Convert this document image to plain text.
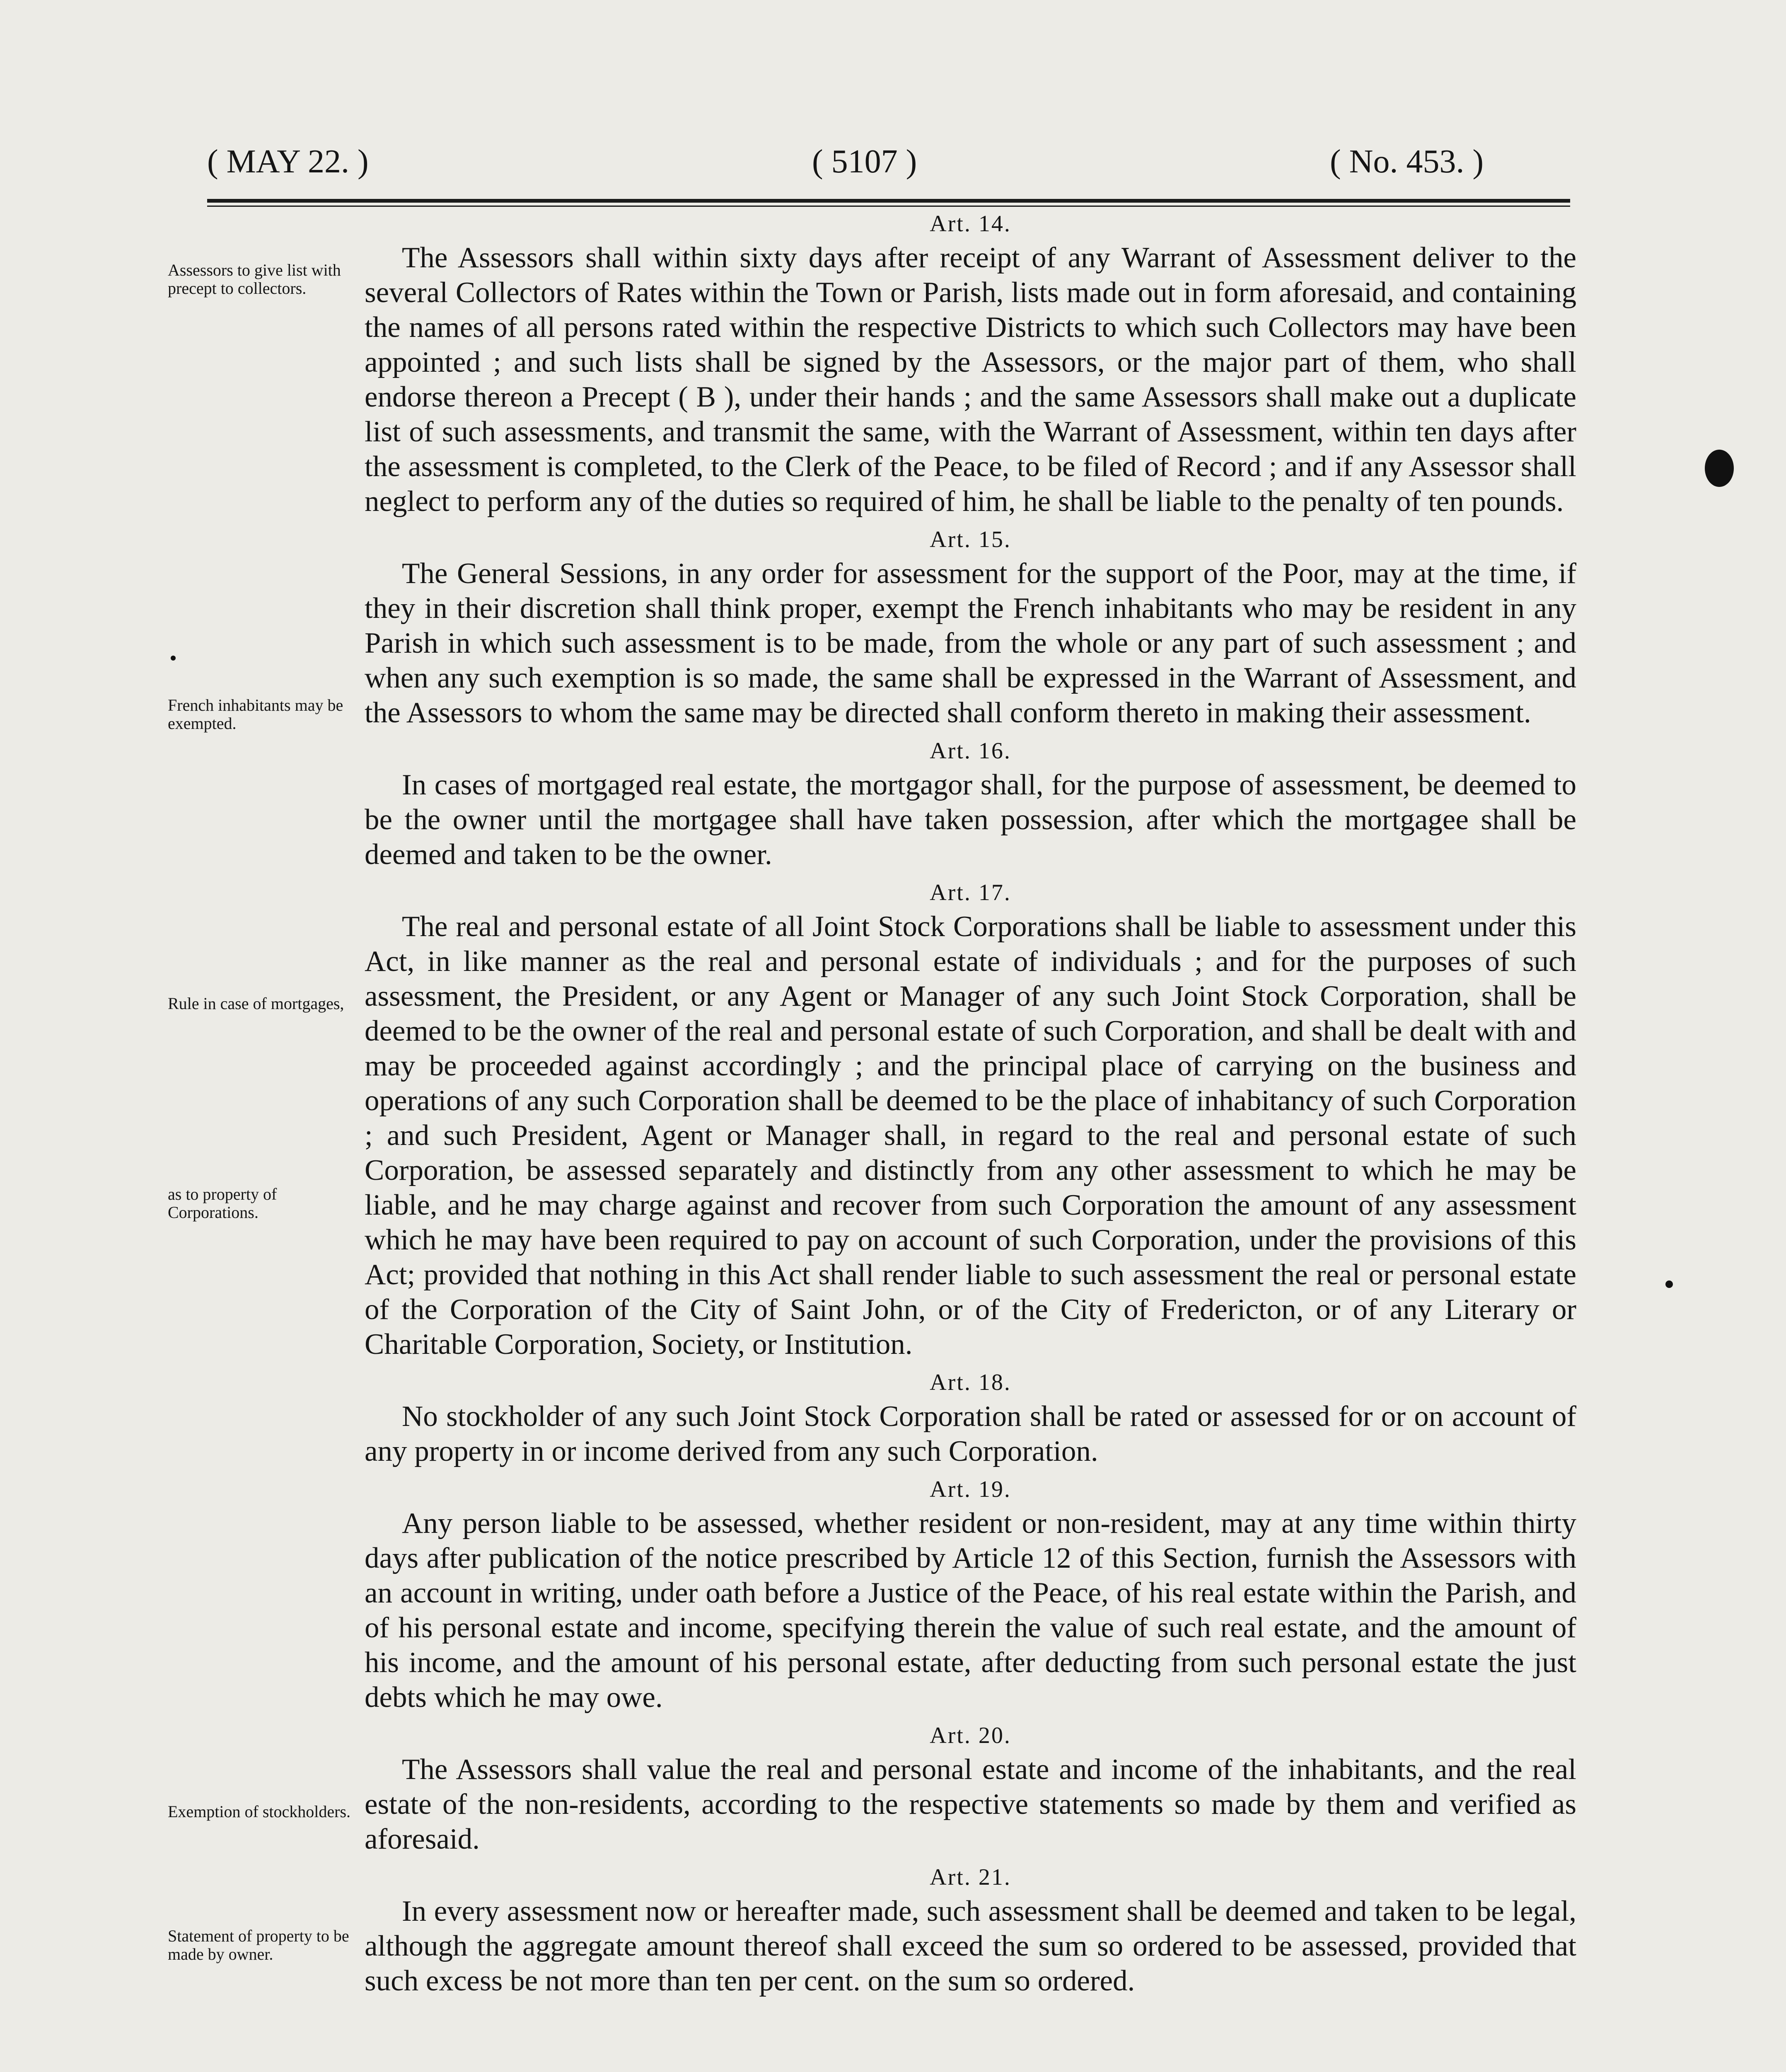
( MAY 22. )	( 5107 )	( No. 453. )
Assessors to give list with precept to collectors.
French inhabitants may be exempted.
Rule in case of mortgages,
as to property of Corporations.
Exemption of stockholders.
Statement of property to be made by owner.

Art. 14.

The Assessors shall within sixty days after receipt of any Warrant of Assessment deliver to the several Collectors of Rates within the Town or Parish, lists made out in form aforesaid, and containing the names of all persons rated within the respective Districts to which such Collectors may have been appointed ; and such lists shall be signed by the Assessors, or the major part of them, who shall endorse thereon a Precept ( B ), under their hands ; and the same Assessors shall make out a duplicate list of such assessments, and transmit the same, with the Warrant of Assessment, within ten days after the assessment is completed, to the Clerk of the Peace, to be filed of Record ; and if any Assessor shall neglect to perform any of the duties so required of him, he shall be liable to the penalty of ten pounds.

Art. 15.

The General Sessions, in any order for assessment for the support of the Poor, may at the time, if they in their discretion shall think proper, exempt the French inhabitants who may be resident in any Parish in which such assessment is to be made, from the whole or any part of such assessment ; and when any such exemption is so made, the same shall be expressed in the Warrant of Assessment, and the Assessors to whom the same may be directed shall conform thereto in making their assessment.

Art. 16.

In cases of mortgaged real estate, the mortgagor shall, for the purpose of assessment, be deemed to be the owner until the mortgagee shall have taken possession, after which the mortgagee shall be deemed and taken to be the owner.

Art. 17.

The real and personal estate of all Joint Stock Corporations shall be liable to assessment under this Act, in like manner as the real and personal estate of individuals ; and for the purposes of such assessment, the President, or any Agent or Manager of any such Joint Stock Corporation, shall be deemed to be the owner of the real and personal estate of such Corporation, and shall be dealt with and may be proceeded against accordingly ; and the principal place of carrying on the business and operations of any such Corporation shall be deemed to be the place of inhabitancy of such Corporation ; and such President, Agent or Manager shall, in regard to the real and personal estate of such Corporation, be assessed separately and distinctly from any other assessment to which he may be liable, and he may charge against and recover from such Corporation the amount of any assessment which he may have been required to pay on account of such Corporation, under the provisions of this Act; provided that nothing in this Act shall render liable to such assessment the real or personal estate of the Corporation of the City of Saint John, or of the City of Fredericton, or of any Literary or Charitable Corporation, Society, or Institution.

Art. 18.

No stockholder of any such Joint Stock Corporation shall be rated or assessed for or on account of any property in or income derived from any such Corporation.

Art. 19.

Any person liable to be assessed, whether resident or non-resident, may at any time within thirty days after publication of the notice prescribed by Article 12 of this Section, furnish the Assessors with an account in writing, under oath before a Justice of the Peace, of his real estate within the Parish, and of his personal estate and income, specifying therein the value of such real estate, and the amount of his income, and the amount of his personal estate, after deducting from such personal estate the just debts which he may owe.

Art. 20.

The Assessors shall value the real and personal estate and income of the inhabitants, and the real estate of the non-residents, according to the respective statements so made by them and verified as aforesaid.

Art. 21.

In every assessment now or hereafter made, such assessment shall be deemed and taken to be legal, although the aggregate amount thereof shall exceed the sum so ordered to be assessed, provided that such excess be not more than ten per cent. on the sum so ordered.
